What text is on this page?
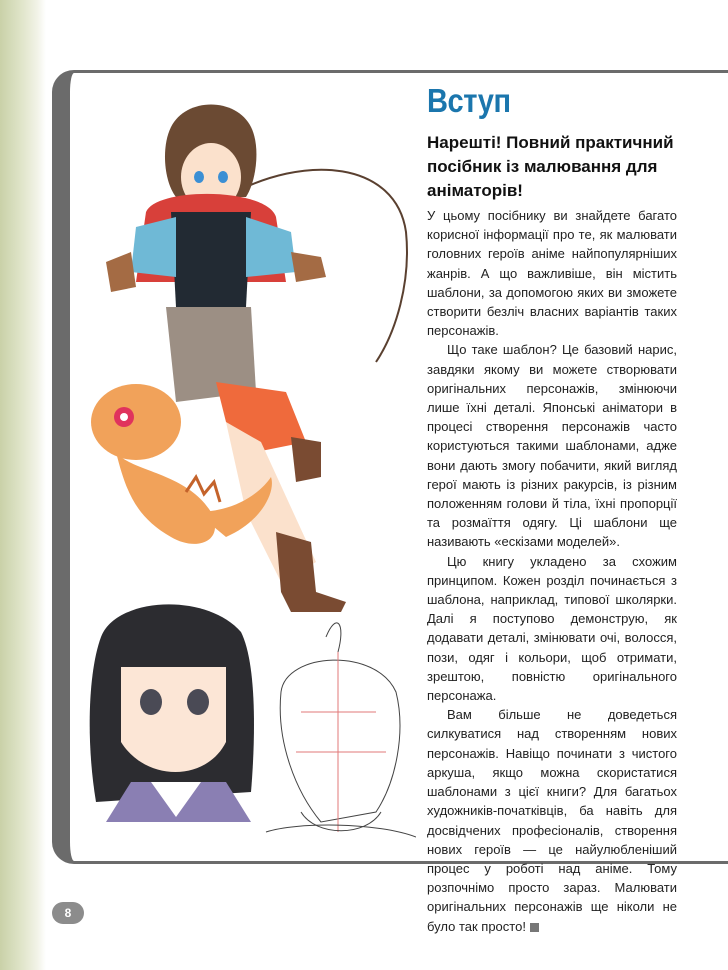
Вступ
Нарешті! Повний практичний посібник із малювання для аніматорів!

У цьому посібнику ви знайдете багато корисної інформації про те, як малювати головних героїв аніме найпопулярніших жанрів. А що важливіше, він містить шаблони, за допомогою яких ви зможете створити безліч власних варіантів таких персонажів.

Що таке шаблон? Це базовий нарис, завдяки якому ви можете створювати оригінальних персонажів, змінюючи лише їхні деталі. Японські аніматори в процесі створення персонажів часто користуються такими шаблонами, адже вони дають змогу побачити, який вигляд герої мають із різних ракурсів, із різним положенням голови й тіла, їхні пропорції та розмаїття одягу. Ці шаблони ще називають «ескізами моделей».

Цю книгу укладено за схожим принципом. Кожен розділ починається з шаблона, наприклад, типової школярки. Далі я поступово демонструю, як додавати деталі, змінювати очі, волосся, пози, одяг і кольори, щоб отримати, зрештою, повністю оригінального персонажа.

Вам більше не доведеться силкуватися над створенням нових персонажів. Навіщо починати з чистого аркуша, якщо можна скористатися шаблонами з цієї книги? Для багатьох художників-початківців, ба навіть для досвідчених професіоналів, створення нових героїв — це найулюбленіший процес у роботі над аніме. Тому розпочнімо просто зараз. Малювати оригінальних персонажів ще ніколи не було так просто!

8
